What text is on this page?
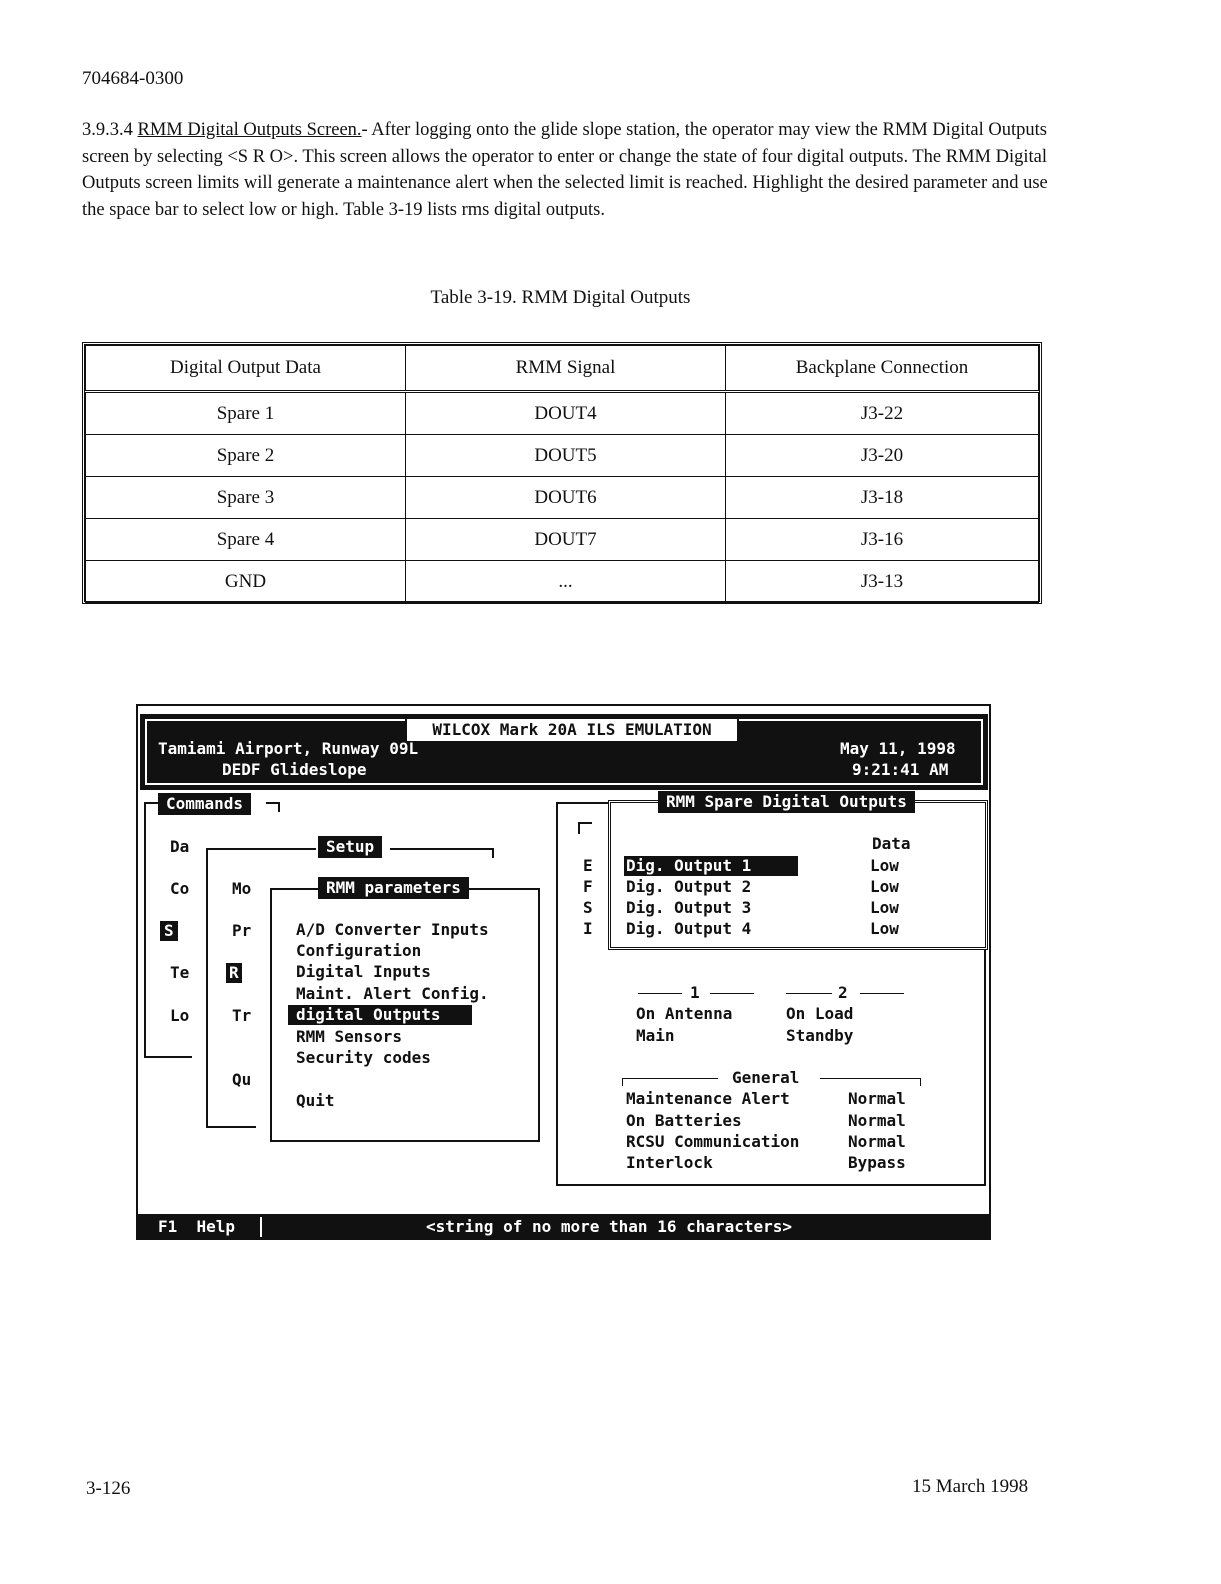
704684-0300
3.9.3.4 RMM Digital Outputs Screen.- After logging onto the glide slope station, the operator may view the RMM Digital Outputs screen by selecting <S R O>. This screen allows the operator to enter or change the state of four digital outputs. The RMM Digital Outputs screen limits will generate a maintenance alert when the selected limit is reached. Highlight the desired parameter and use the space bar to select low or high. Table 3-19 lists rms digital outputs.
Table 3-19. RMM Digital Outputs
Digital Output Data	RMM Signal	Backplane Connection
Spare 1	DOUT4	J3-22
Spare 2	DOUT5	J3-20
Spare 3	DOUT6	J3-18
Spare 4	DOUT7	J3-16
GND	...	J3-13
WILCOX Mark 20A ILS EMULATION
Tamiami Airport, Runway 09L
DEDF Glideslope
May 11, 1998
9:21:41 AM
Commands
Da
Co
S
Te
Lo
Setup
Mo
Pr
R
Tr
Qu
RMM parameters
A/D Converter Inputs
Configuration
Digital Inputs
Maint. Alert Config.
digital Outputs
RMM Sensors
Security codes
Quit
E
F
S
I
RMM Spare Digital Outputs
Data
Dig. Output 1	Low
Dig. Output 2	Low
Dig. Output 3	Low
Dig. Output 4	Low
1
On Antenna
Main
2
On Load
Standby
General
Maintenance Alert	Normal
On Batteries	Normal
RCSU Communication	Normal
Interlock	Bypass
F1  Help	<string of no more than 16 characters>
3-126	15 March 1998
